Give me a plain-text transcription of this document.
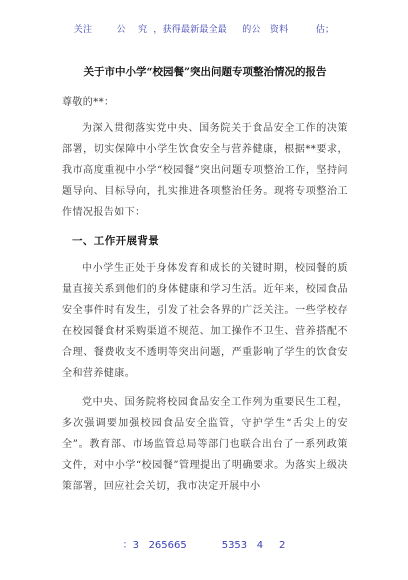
关注        公    究  ，获得最新最全最     的公   资料         估；
关于市中小学“校园餐”突出问题专项整治情况的报告
尊敬的**：

为深入贯彻落实党中央、国务院关于食品安全工作的决策部署，切实保障中小学生饮食安全与营养健康，根据**要求，我市高度重视中小学“校园餐”突出问题专项整治工作，坚持问题导向、目标导向，扎实推进各项整治任务。现将专项整治工作情况报告如下：

一、工作开展背景

中小学生正处于身体发育和成长的关键时期，校园餐的质量直接关系到他们的身体健康和学习生活。近年来，校园食品安全事件时有发生，引发了社会各界的广泛关注。一些学校存在校园餐食材采购渠道不规范、加工操作不卫生、营养搭配不合理、餐费收支不透明等突出问题，严重影响了学生的饮食安全和营养健康。

党中央、国务院将校园食品安全工作列为重要民生工程，多次强调要加强校园食品安全监管，守护学生“舌尖上的安全”。教育部、市场监管总局等部门也联合出台了一系列政策文件，对中小学“校园餐”管理提出了明确要求。为落实上级决策部署，回应社会关切，我市决定开展中小

：3   265665           5353   4     2
